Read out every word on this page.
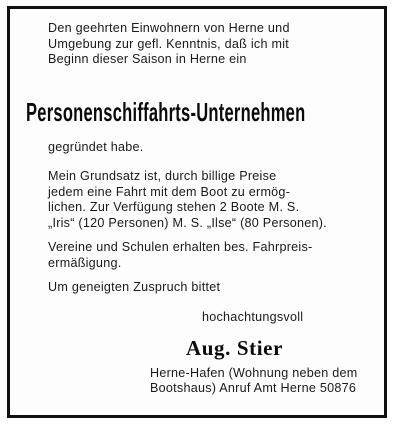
Den geehrten Einwohnern von Herne und
Umgebung zur gefl. Kenntnis, daß ich mit
Beginn dieser Saison in Herne ein
Personenschiffahrts-Unternehmen
gegründet habe.
Mein Grundsatz ist, durch billige Preise
jedem eine Fahrt mit dem Boot zu ermög-
lichen. Zur Verfügung stehen 2 Boote M. S.
„Iris“ (120 Personen) M. S. „Ilse“ (80 Personen).
Vereine und Schulen erhalten bes. Fahrpreis-
ermäßigung.
Um geneigten Zuspruch bittet
hochachtungsvoll
Aug. Stier
Herne-Hafen (Wohnung neben dem
Bootshaus) Anruf Amt Herne 50876
